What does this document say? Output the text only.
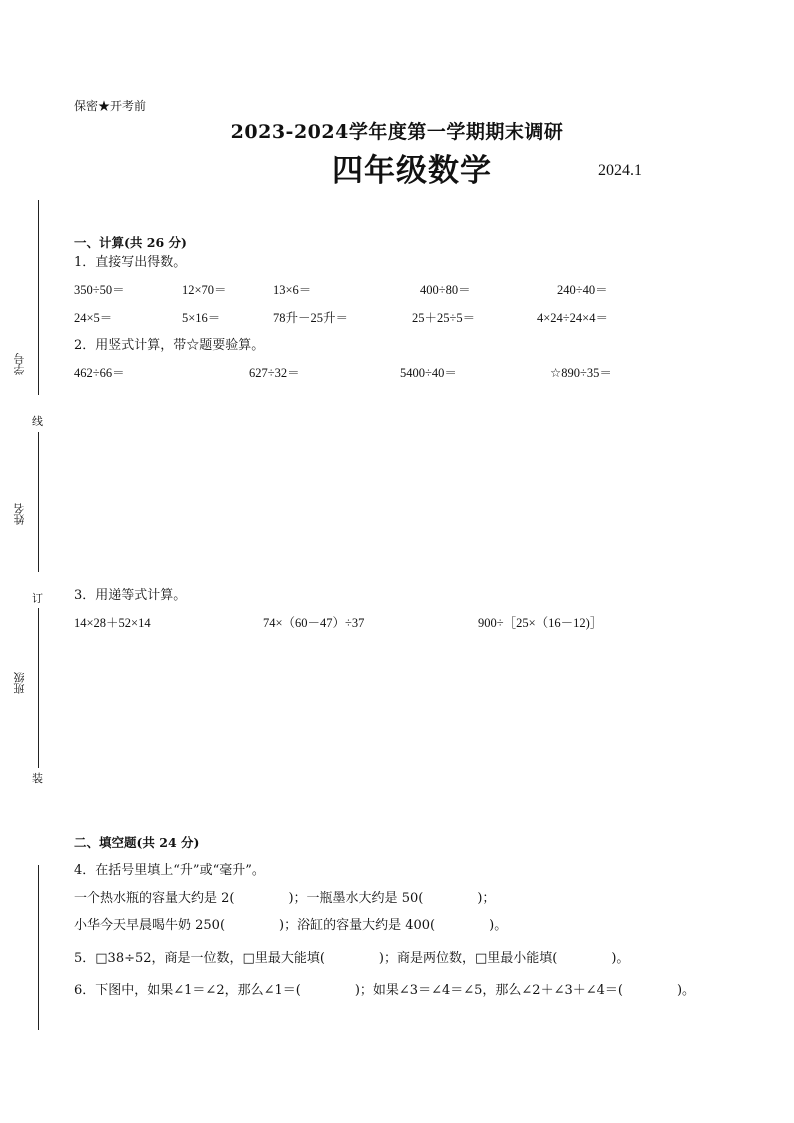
保密★开考前
2023-2024学年度第一学期期末调研
四年级数学	2024.1
学号
线
姓名
订
班级
装
一、计算(共 26 分)
1．直接写出得数。
350÷50＝	12×70＝	13×6＝	400÷80＝	240÷40＝
24×5＝	5×16＝	78升－25升＝	25＋25÷5＝	4×24÷24×4＝
2．用竖式计算，带☆题要验算。
462÷66＝	627÷32＝	5400÷40＝	☆890÷35＝
3．用递等式计算。
14×28＋52×14	74×（60－47）÷37	900÷［25×（16－12)］
二、填空题(共 24 分)
4．在括号里填上“升”或“毫升”。
一个热水瓶的容量大约是 2(	)；一瓶墨水大约是 50(	)；
小华今天早晨喝牛奶 250(	)；浴缸的容量大约是 400(	)。
5．□38÷52，商是一位数，□里最大能填(	)；商是两位数，□里最小能填(	)。
6．下图中，如果∠1＝∠2，那么∠1＝(	)；如果∠3＝∠4＝∠5，那么∠2＋∠3＋∠4＝(	)。
